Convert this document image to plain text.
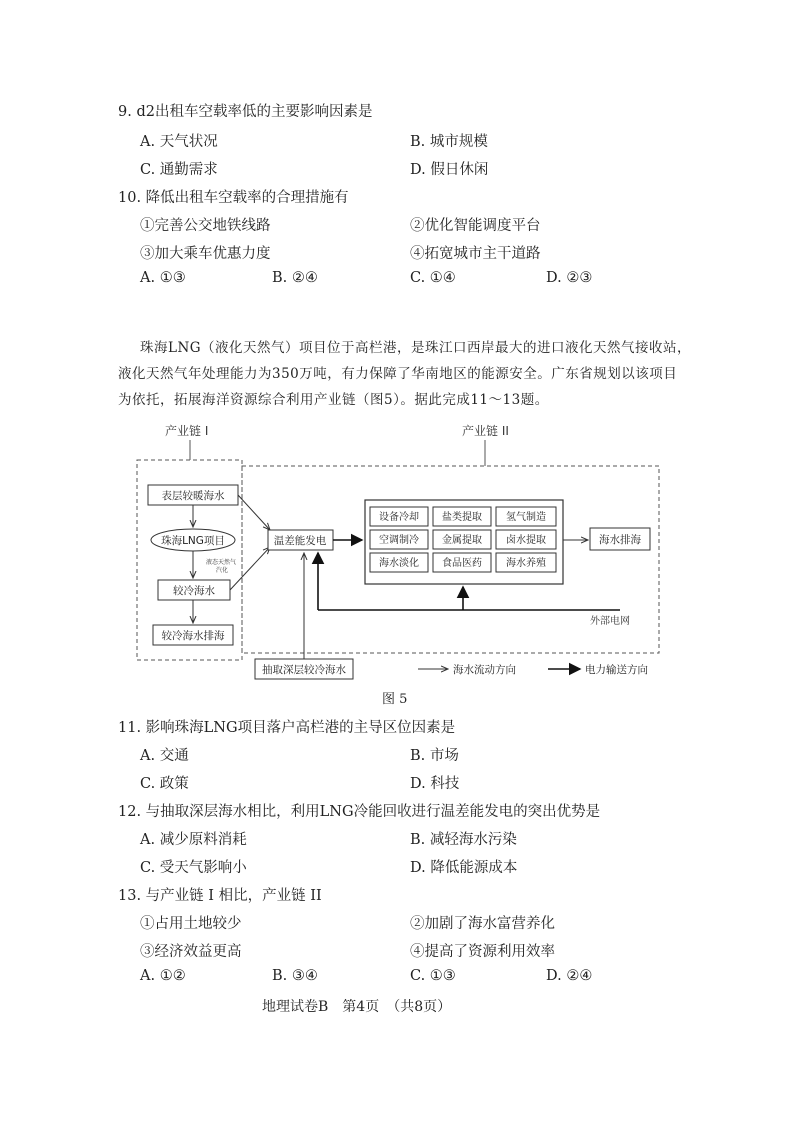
9. d2出租车空载率低的主要影响因素是
A. 天气状况	B. 城市规模
C. 通勤需求	D. 假日休闲
10. 降低出租车空载率的合理措施有
①完善公交地铁线路	②优化智能调度平台
③加大乘车优惠力度	④拓宽城市主干道路
A. ①③	B. ②④	C. ①④	D. ②③
珠海LNG（液化天然气）项目位于高栏港，是珠江口西岸最大的进口液化天然气接收站，
液化天然气年处理能力为350万吨，有力保障了华南地区的能源安全。广东省规划以该项目
为依托，拓展海洋资源综合利用产业链（图5）。据此完成11～13题。
产业链 I	产业链 II
表层较暖海水
珠海LNG项目
液态天然气
汽化
较冷海水
较冷海水排海
温差能发电
设备冷却 盐类提取 氢气制造
空调制冷 金属提取 卤水提取
海水淡化 食品医药 海水养殖
海水排海
外部电网
抽取深层较冷海水	海水流动方向	电力输送方向
图 5
11. 影响珠海LNG项目落户高栏港的主导区位因素是
A. 交通	B. 市场
C. 政策	D. 科技
12. 与抽取深层海水相比，利用LNG冷能回收进行温差能发电的突出优势是
A. 减少原料消耗	B. 减轻海水污染
C. 受天气影响小	D. 降低能源成本
13. 与产业链 I 相比，产业链 II
①占用土地较少	②加剧了海水富营养化
③经济效益更高	④提高了资源利用效率
A. ①②	B. ③④	C. ①③	D. ②④
地理试卷B　第4页　（共8页）
